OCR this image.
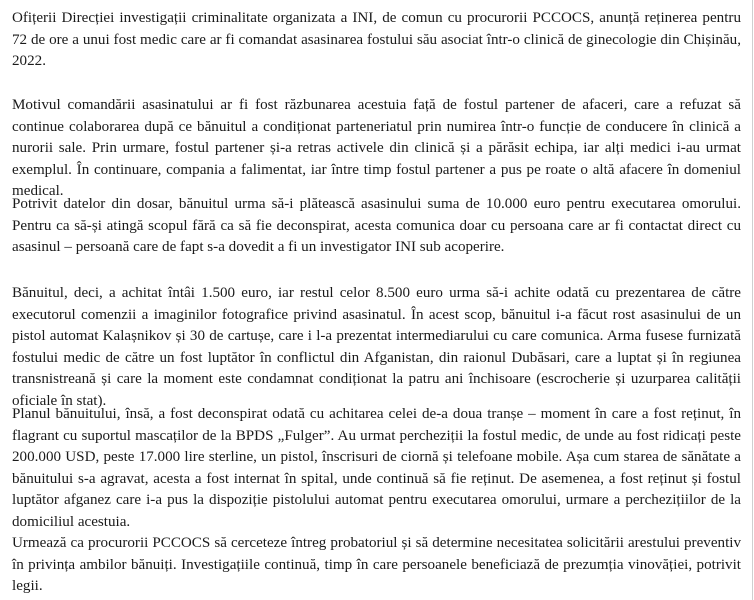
Ofițerii Direcției investigații criminalitate organizata a INI, de comun cu procurorii PCCOCS, anunță reținerea pentru 72 de ore a unui fost medic care ar fi comandat asasinarea fostului său asociat într-o clinică de ginecologie din Chișinău, 2022.

Motivul comandării asasinatului ar fi fost răzbunarea acestuia față de fostul partener de afaceri, care a refuzat să continue colaborarea după ce bănuitul a condiționat parteneriatul prin numirea într-o funcție de conducere în clinică a nurorii sale. Prin urmare, fostul partener și-a retras activele din clinică și a părăsit echipa, iar alți medici i-au urmat exemplul. În continuare, compania a falimentat, iar între timp fostul partener a pus pe roate o altă afacere în domeniul medical.

Potrivit datelor din dosar, bănuitul urma să-i plătească asasinului suma de 10.000 euro pentru executarea omorului. Pentru ca să-și atingă scopul fără ca să fie deconspirat, acesta comunica doar cu persoana care ar fi contactat direct cu asasinul – persoană care de fapt s-a dovedit a fi un investigator INI sub acoperire.

Bănuitul, deci, a achitat întâi 1.500 euro, iar restul celor 8.500 euro urma să-i achite odată cu prezentarea de către executorul comenzii a imaginilor fotografice privind asasinatul. În acest scop, bănuitul i-a făcut rost asasinului de un pistol automat Kalașnikov și 30 de cartușe, care i l-a prezentat intermediarului cu care comunica. Arma fusese furnizată fostului medic de către un fost luptător în conflictul din Afganistan, din raionul Dubăsari, care a luptat și în regiunea transnistreană și care la moment este condamnat condiționat la patru ani închisoare (escrocherie și uzurparea calității oficiale în stat).

Planul bănuitului, însă, a fost deconspirat odată cu achitarea celei de-a doua tranșe – moment în care a fost reținut, în flagrant cu suportul mascaților de la BPDS „Fulger”. Au urmat percheziții la fostul medic, de unde au fost ridicați peste 200.000 USD, peste 17.000 lire sterline, un pistol, înscrisuri de ciornă și telefoane mobile. Așa cum starea de sănătate a bănuitului s-a agravat, acesta a fost internat în spital, unde continuă să fie reținut. De asemenea, a fost reținut și fostul luptător afganez care i-a pus la dispoziție pistolului automat pentru executarea omorului, urmare a perchezițiilor de la domiciliul acestuia.

Urmează ca procurorii PCCOCS să cerceteze întreg probatoriul și să determine necesitatea solicitării arestului preventiv în privința ambilor bănuiți. Investigațiile continuă, timp în care persoanele beneficiază de prezumția vinovăției, potrivit legii.
